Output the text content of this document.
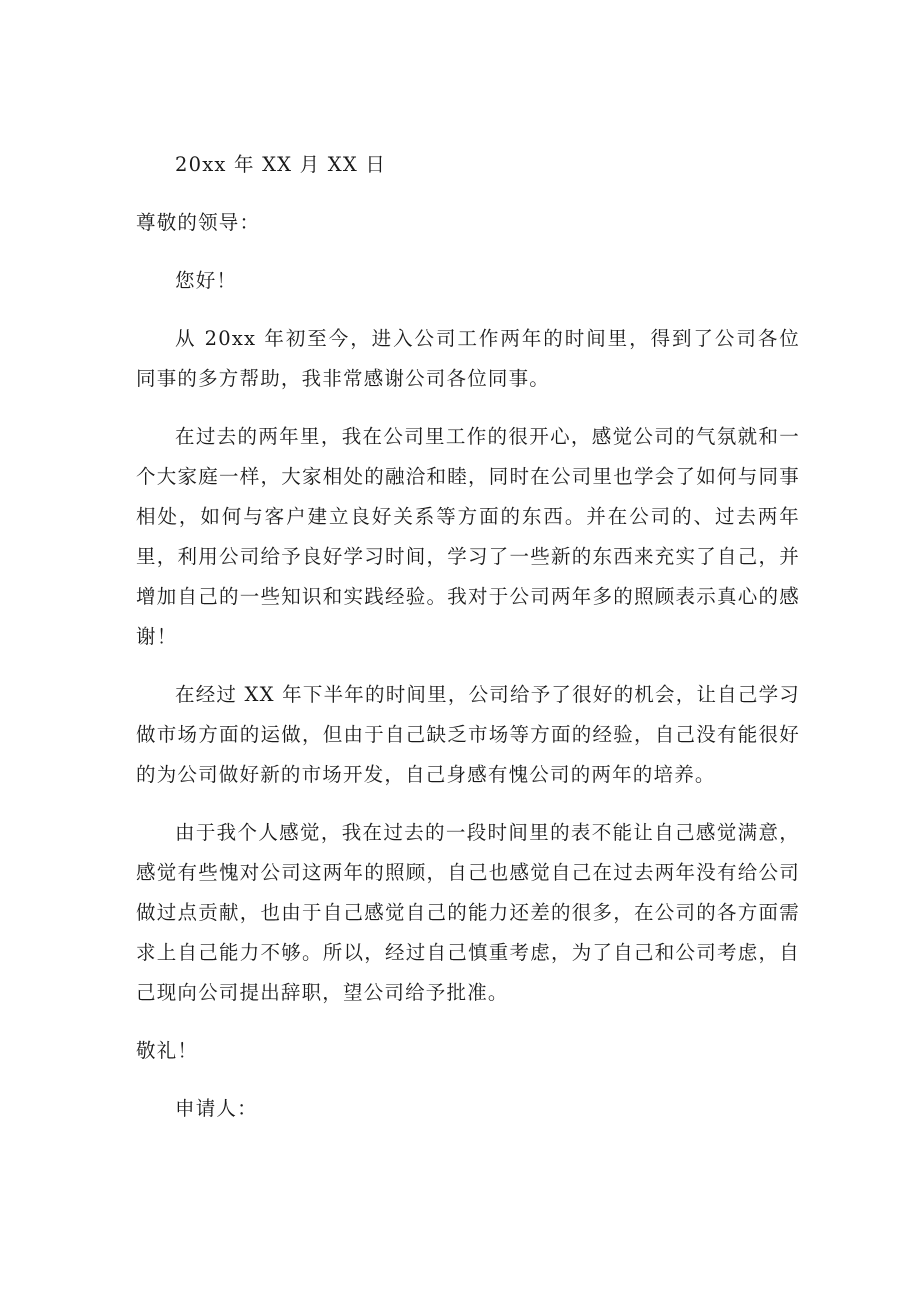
20xx 年 XX 月 XX 日

尊敬的领导：

您好！

从 20xx 年初至今，进入公司工作两年的时间里，得到了公司各位同事的多方帮助，我非常感谢公司各位同事。

在过去的两年里，我在公司里工作的很开心，感觉公司的气氛就和一个大家庭一样，大家相处的融洽和睦，同时在公司里也学会了如何与同事相处，如何与客户建立良好关系等方面的东西。并在公司的、过去两年里，利用公司给予良好学习时间，学习了一些新的东西来充实了自己，并增加自己的一些知识和实践经验。我对于公司两年多的照顾表示真心的感谢！

在经过 XX 年下半年的时间里，公司给予了很好的机会，让自己学习做市场方面的运做，但由于自己缺乏市场等方面的经验，自己没有能很好的为公司做好新的市场开发，自己身感有愧公司的两年的培养。

由于我个人感觉，我在过去的一段时间里的表不能让自己感觉满意，感觉有些愧对公司这两年的照顾，自己也感觉自己在过去两年没有给公司做过点贡献，也由于自己感觉自己的能力还差的很多，在公司的各方面需求上自己能力不够。所以，经过自己慎重考虑，为了自己和公司考虑，自己现向公司提出辞职，望公司给予批准。

敬礼！

申请人：
